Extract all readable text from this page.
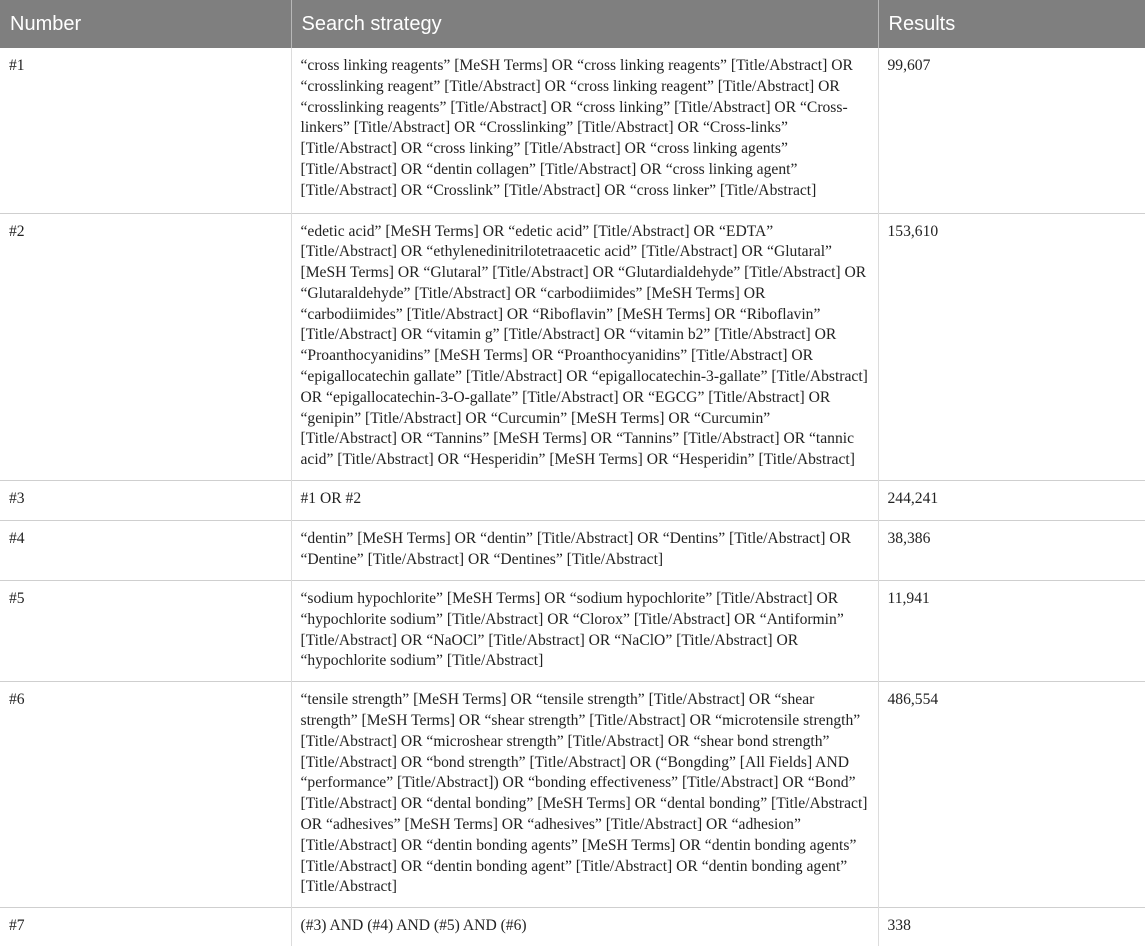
Number	Search strategy	Results
#1	“cross linking reagents” [MeSH Terms] OR “cross linking reagents” [Title/Abstract] OR “crosslinking reagent” [Title/Abstract] OR “cross linking reagent” [Title/Abstract] OR “crosslinking reagents” [Title/Abstract] OR “cross linking” [Title/Abstract] OR “Cross-linkers” [Title/Abstract] OR “Crosslinking” [Title/Abstract] OR “Cross-links” [Title/Abstract] OR “cross linking” [Title/Abstract] OR “cross linking agents” [Title/Abstract] OR “dentin collagen” [Title/Abstract] OR “cross linking agent” [Title/Abstract] OR “Crosslink” [Title/Abstract] OR “cross linker” [Title/Abstract]	99,607
#2	“edetic acid” [MeSH Terms] OR “edetic acid” [Title/Abstract] OR “EDTA” [Title/Abstract] OR “ethylenedinitrilotetraacetic acid” [Title/Abstract] OR “Glutaral” [MeSH Terms] OR “Glutaral” [Title/Abstract] OR “Glutardialdehyde” [Title/Abstract] OR “Glutaraldehyde” [Title/Abstract] OR “carbodiimides” [MeSH Terms] OR “carbodiimides” [Title/Abstract] OR “Riboflavin” [MeSH Terms] OR “Riboflavin” [Title/Abstract] OR “vitamin g” [Title/Abstract] OR “vitamin b2” [Title/Abstract] OR “Proanthocyanidins” [MeSH Terms] OR “Proanthocyanidins” [Title/Abstract] OR “epigallocatechin gallate” [Title/Abstract] OR “epigallocatechin-3-gallate” [Title/Abstract] OR “epigallocatechin-3-O-gallate” [Title/Abstract] OR “EGCG” [Title/Abstract] OR “genipin” [Title/Abstract] OR “Curcumin” [MeSH Terms] OR “Curcumin” [Title/Abstract] OR “Tannins” [MeSH Terms] OR “Tannins” [Title/Abstract] OR “tannic acid” [Title/Abstract] OR “Hesperidin” [MeSH Terms] OR “Hesperidin” [Title/Abstract]	153,610
#3	#1 OR #2	244,241
#4	“dentin” [MeSH Terms] OR “dentin” [Title/Abstract] OR “Dentins” [Title/Abstract] OR “Dentine” [Title/Abstract] OR “Dentines” [Title/Abstract]	38,386
#5	“sodium hypochlorite” [MeSH Terms] OR “sodium hypochlorite” [Title/Abstract] OR “hypochlorite sodium” [Title/Abstract] OR “Clorox” [Title/Abstract] OR “Antiformin” [Title/Abstract] OR “NaOCl” [Title/Abstract] OR “NaClO” [Title/Abstract] OR “hypochlorite sodium” [Title/Abstract]	11,941
#6	“tensile strength” [MeSH Terms] OR “tensile strength” [Title/Abstract] OR “shear strength” [MeSH Terms] OR “shear strength” [Title/Abstract] OR “microtensile strength” [Title/Abstract] OR “microshear strength” [Title/Abstract] OR “shear bond strength” [Title/Abstract] OR “bond strength” [Title/Abstract] OR (“Bongding” [All Fields] AND “performance” [Title/Abstract]) OR “bonding effectiveness” [Title/Abstract] OR “Bond” [Title/Abstract] OR “dental bonding” [MeSH Terms] OR “dental bonding” [Title/Abstract] OR “adhesives” [MeSH Terms] OR “adhesives” [Title/Abstract] OR “adhesion” [Title/Abstract] OR “dentin bonding agents” [MeSH Terms] OR “dentin bonding agents” [Title/Abstract] OR “dentin bonding agent” [Title/Abstract] OR “dentin bonding agent” [Title/Abstract]	486,554
#7	(#3) AND (#4) AND (#5) AND (#6)	338
